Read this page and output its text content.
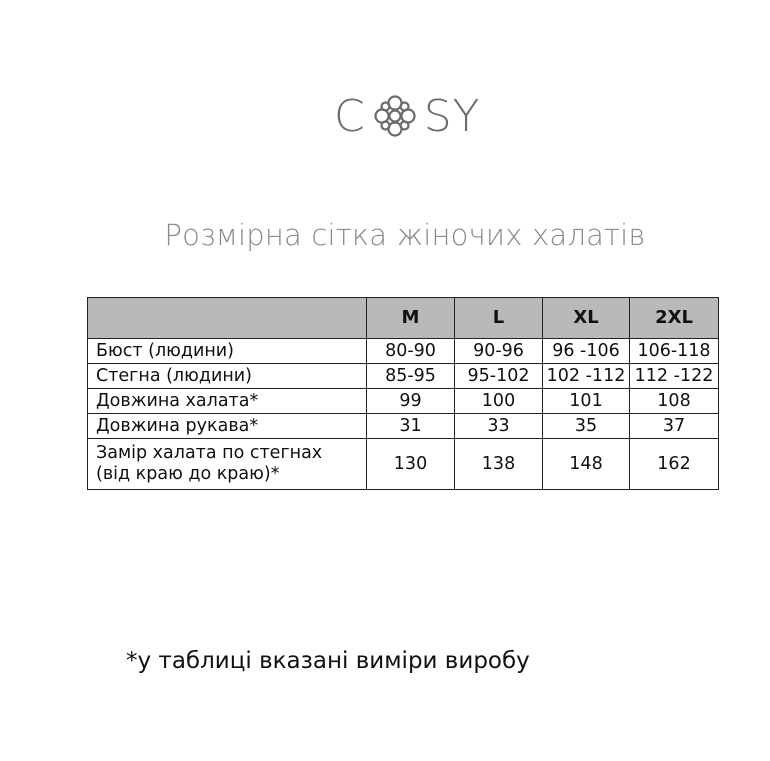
C SY
Розмірна сітка жіночих халатів
	M	L	XL	2XL
Бюст (людини)	80-90	90-96	96 -106	106-118
Стегна (людини)	85-95	95-102	102 -112	112 -122
Довжина халата*	99	100	101	108
Довжина рукава*	31	33	35	37

Замір халата по стегнах
(від краю до краю)*	130	138	148	162
*у таблиці вказані виміри виробу
